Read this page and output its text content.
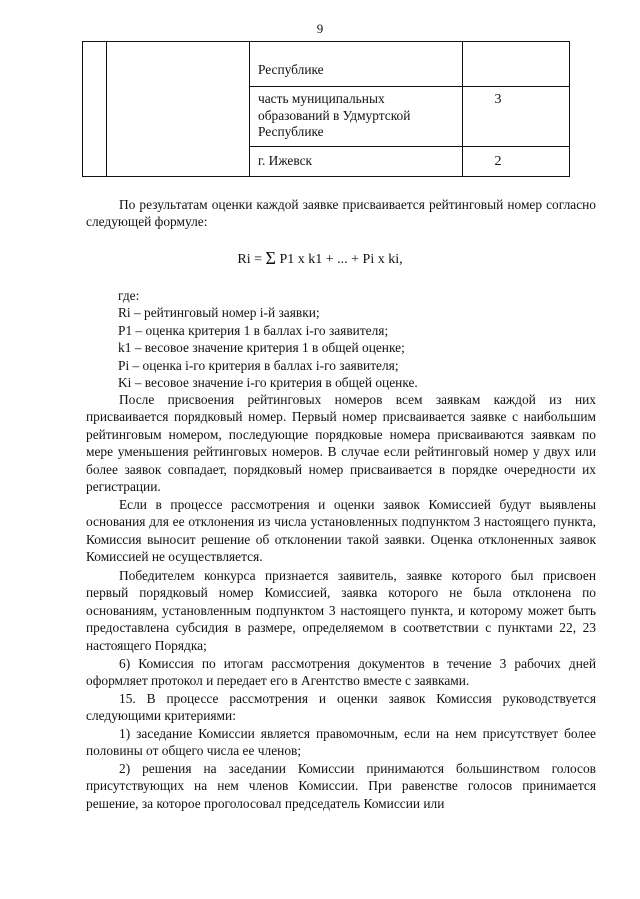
9
Республике
часть муниципальных образований в Удмуртской Республике
3
г. Ижевск	2
По результатам оценки каждой заявке присваивается рейтинговый номер согласно следующей формуле:
Ri = Σ P1 x k1 + ... + Pi x ki,
где:
Ri – рейтинговый номер i-й заявки;
P1 – оценка критерия 1 в баллах i-го заявителя;
k1 – весовое значение критерия 1 в общей оценке;
Pi – оценка i-го критерия в баллах i-го заявителя;
Ki – весовое значение i-го критерия в общей оценке.
После присвоения рейтинговых номеров всем заявкам каждой из них присваивается порядковый номер. Первый номер присваивается заявке с наибольшим рейтинговым номером, последующие порядковые номера присваиваются заявкам по мере уменьшения рейтинговых номеров. В случае если рейтинговый номер у двух или более заявок совпадает, порядковый номер присваивается в порядке очередности их регистрации.
Если в процессе рассмотрения и оценки заявок Комиссией будут выявлены основания для ее отклонения из числа установленных подпунктом 3 настоящего пункта, Комиссия выносит решение об отклонении такой заявки. Оценка отклоненных заявок Комиссией не осуществляется.
Победителем конкурса признается заявитель, заявке которого был присвоен первый порядковый номер Комиссией, заявка которого не была отклонена по основаниям, установленным подпунктом 3 настоящего пункта, и которому может быть предоставлена субсидия в размере, определяемом в соответствии с пунктами 22, 23 настоящего Порядка;
6) Комиссия по итогам рассмотрения документов в течение 3 рабочих дней оформляет протокол и передает его в Агентство вместе с заявками.
15. В процессе рассмотрения и оценки заявок Комиссия руководствуется следующими критериями:
1) заседание Комиссии является правомочным, если на нем присутствует более половины от общего числа ее членов;
2) решения на заседании Комиссии принимаются большинством голосов присутствующих на нем членов Комиссии. При равенстве голосов принимается решение, за которое проголосовал председатель Комиссии или
